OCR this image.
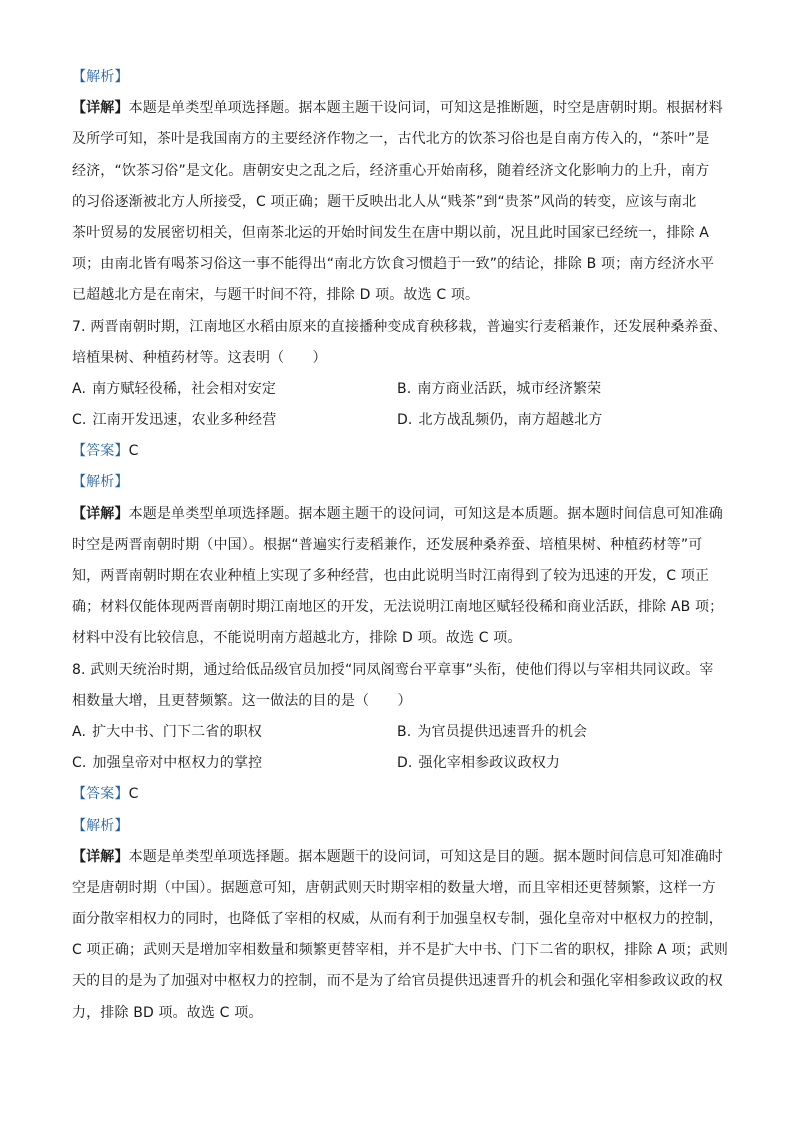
【解析】
【详解】本题是单类型单项选择题。据本题主题干设问词，可知这是推断题，时空是唐朝时期。根据材料
及所学可知，茶叶是我国南方的主要经济作物之一，古代北方的饮茶习俗也是自南方传入的，“茶叶”是
经济，“饮茶习俗”是文化。唐朝安史之乱之后，经济重心开始南移，随着经济文化影响力的上升，南方
的习俗逐渐被北方人所接受，C 项正确；题干反映出北人从“贱茶”到“贵茶”风尚的转变，应该与南北
茶叶贸易的发展密切相关，但南茶北运的开始时间发生在唐中期以前，况且此时国家已经统一，排除 A
项；由南北皆有喝茶习俗这一事不能得出“南北方饮食习惯趋于一致”的结论，排除 B 项；南方经济水平
已超越北方是在南宋，与题干时间不符，排除 D 项。故选 C 项。
7. 两晋南朝时期，江南地区水稻由原来的直接播种变成育秧移栽，普遍实行麦稻兼作，还发展种桑养蚕、
培植果树、种植药材等。这表明（　　）
A. 南方赋轻役稀，社会相对安定	B. 南方商业活跃，城市经济繁荣
C. 江南开发迅速，农业多种经营	D. 北方战乱频仍，南方超越北方
【答案】C
【解析】
【详解】本题是单类型单项选择题。据本题主题干的设问词，可知这是本质题。据本题时间信息可知准确
时空是两晋南朝时期（中国）。根据“普遍实行麦稻兼作，还发展种桑养蚕、培植果树、种植药材等”可
知，两晋南朝时期在农业种植上实现了多种经营，也由此说明当时江南得到了较为迅速的开发，C 项正
确；材料仅能体现两晋南朝时期江南地区的开发，无法说明江南地区赋轻役稀和商业活跃，排除 AB 项；
材料中没有比较信息，不能说明南方超越北方，排除 D 项。故选 C 项。
8. 武则天统治时期，通过给低品级官员加授“同凤阁鸾台平章事”头衔，使他们得以与宰相共同议政。宰
相数量大增，且更替频繁。这一做法的目的是（　　）
A. 扩大中书、门下二省的职权	B. 为官员提供迅速晋升的机会
C. 加强皇帝对中枢权力的掌控	D. 强化宰相参政议政权力
【答案】C
【解析】
【详解】本题是单类型单项选择题。据本题题干的设问词，可知这是目的题。据本题时间信息可知准确时
空是唐朝时期（中国）。据题意可知，唐朝武则天时期宰相的数量大增，而且宰相还更替频繁，这样一方
面分散宰相权力的同时，也降低了宰相的权威，从而有利于加强皇权专制，强化皇帝对中枢权力的控制，
C 项正确；武则天是增加宰相数量和频繁更替宰相，并不是扩大中书、门下二省的职权，排除 A 项；武则
天的目的是为了加强对中枢权力的控制，而不是为了给官员提供迅速晋升的机会和强化宰相参政议政的权
力，排除 BD 项。故选 C 项。
